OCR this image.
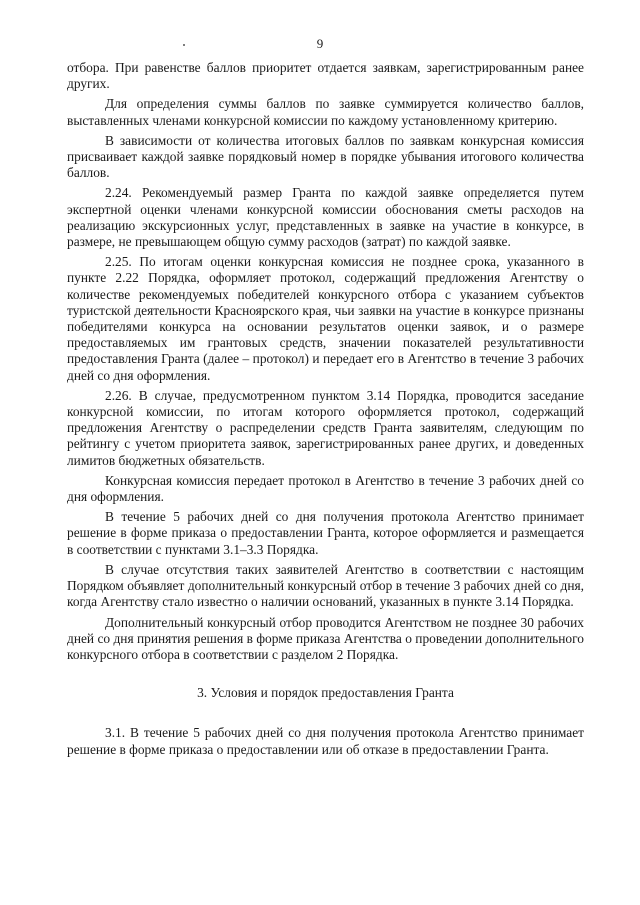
9

отбора. При равенстве баллов приоритет отдается заявкам, зарегистрированным ранее других.

Для определения суммы баллов по заявке суммируется количество баллов, выставленных членами конкурсной комиссии по каждому установленному критерию.

В зависимости от количества итоговых баллов по заявкам конкурсная комиссия присваивает каждой заявке порядковый номер в порядке убывания итогового количества баллов.

2.24. Рекомендуемый размер Гранта по каждой заявке определяется путем экспертной оценки членами конкурсной комиссии обоснования сметы расходов на реализацию экскурсионных услуг, представленных в заявке на участие в конкурсе, в размере, не превышающем общую сумму расходов (затрат) по каждой заявке.

2.25. По итогам оценки конкурсная комиссия не позднее срока, указанного в пункте 2.22 Порядка, оформляет протокол, содержащий предложения Агентству о количестве рекомендуемых победителей конкурсного отбора с указанием субъектов туристской деятельности Красноярского края, чьи заявки на участие в конкурсе признаны победителями конкурса на основании результатов оценки заявок, и о размере предоставляемых им грантовых средств, значении показателей результативности предоставления Гранта (далее – протокол) и передает его в Агентство в течение 3 рабочих дней со дня оформления.

2.26. В случае, предусмотренном пунктом 3.14 Порядка, проводится заседание конкурсной комиссии, по итогам которого оформляется протокол, содержащий предложения Агентству о распределении средств Гранта заявителям, следующим по рейтингу с учетом приоритета заявок, зарегистрированных ранее других, и доведенных лимитов бюджетных обязательств.

Конкурсная комиссия передает протокол в Агентство в течение 3 рабочих дней со дня оформления.

В течение 5 рабочих дней со дня получения протокола Агентство принимает решение в форме приказа о предоставлении Гранта, которое оформляется и размещается в соответствии с пунктами 3.1–3.3 Порядка.

В случае отсутствия таких заявителей Агентство в соответствии с настоящим Порядком объявляет дополнительный конкурсный отбор в течение 3 рабочих дней со дня, когда Агентству стало известно о наличии оснований, указанных в пункте 3.14 Порядка.

Дополнительный конкурсный отбор проводится Агентством не позднее 30 рабочих дней со дня принятия решения в форме приказа Агентства о проведении дополнительного конкурсного отбора в соответствии с разделом 2 Порядка.

3. Условия и порядок предоставления Гранта

3.1. В течение 5 рабочих дней со дня получения протокола Агентство принимает решение в форме приказа о предоставлении или об отказе в предоставлении Гранта.
